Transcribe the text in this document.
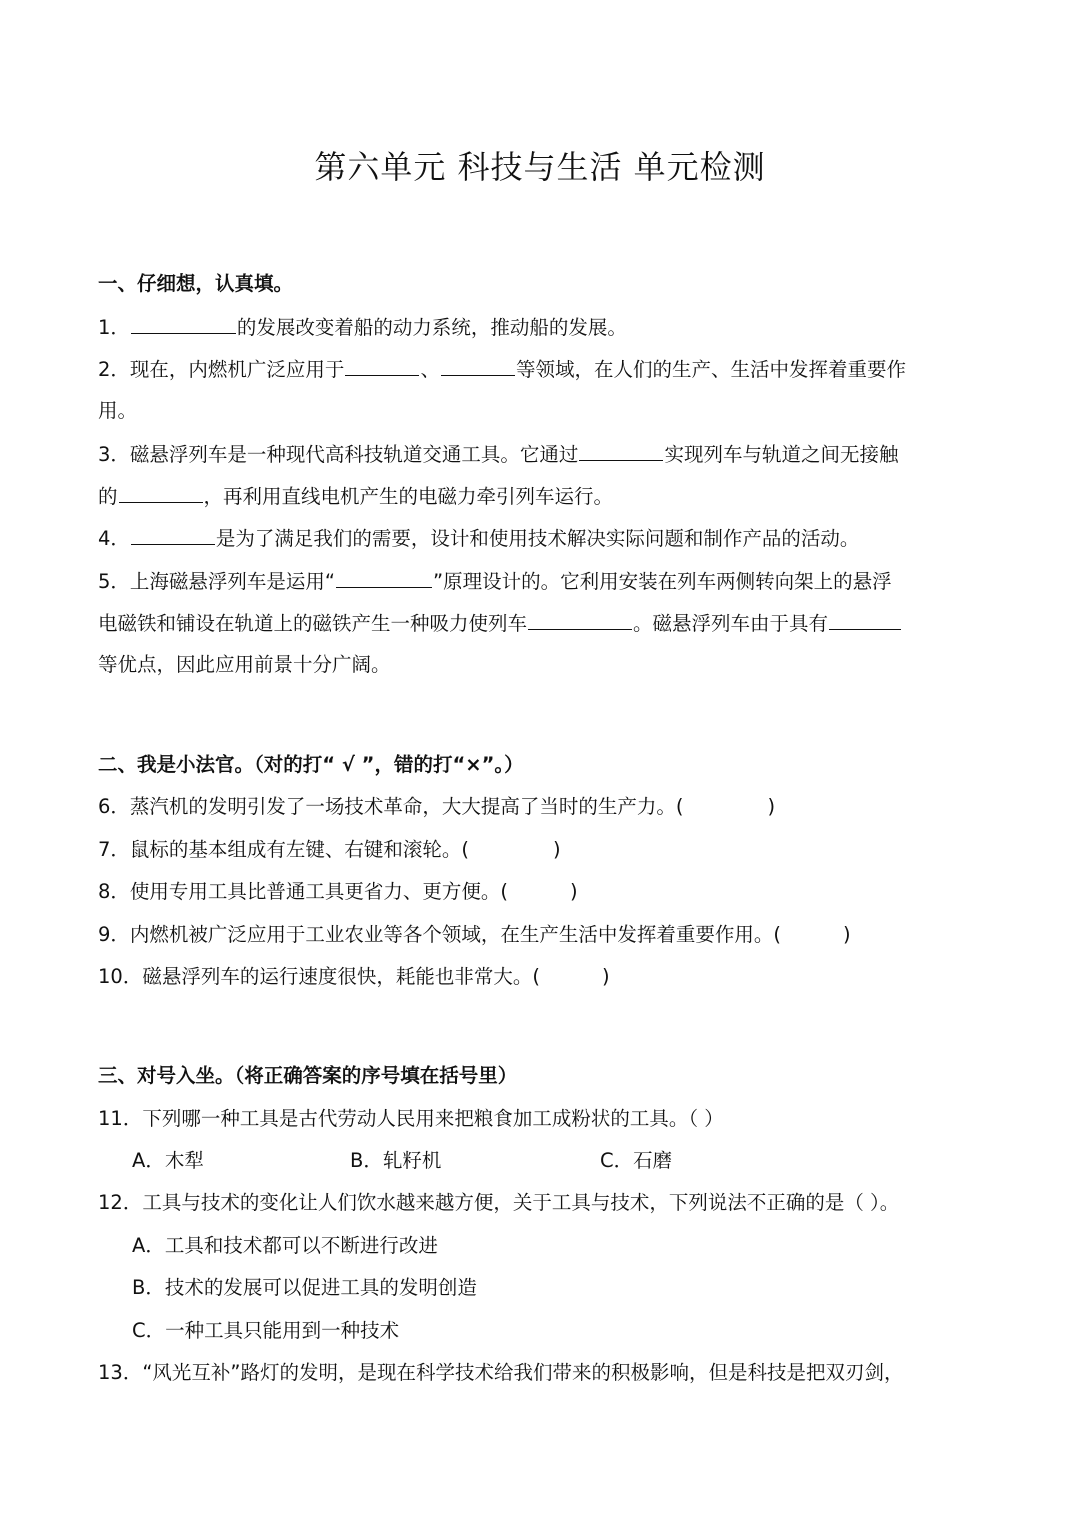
第六单元 科技与生活 单元检测
一、仔细想，认真填。
1．	的发展改变着船的动力系统，推动船的发展。
2．现在，内燃机广泛应用于	、	等领域，在人们的生产、生活中发挥着重要作
用。
3．磁悬浮列车是一种现代高科技轨道交通工具。它通过	实现列车与轨道之间无接触
的	，再利用直线电机产生的电磁力牵引列车运行。
4．	是为了满足我们的需要，设计和使用技术解决实际问题和制作产品的活动。
5．上海磁悬浮列车是运用“	”原理设计的。它利用安装在列车两侧转向架上的悬浮
电磁铁和铺设在轨道上的磁铁产生一种吸力使列车	。磁悬浮列车由于具有
等优点，因此应用前景十分广阔。
二、我是小法官。（对的打“ √ ”，错的打“×”。）
6．蒸汽机的发明引发了一场技术革命，大大提高了当时的生产力。(	)
7．鼠标的基本组成有左键、右键和滚轮。(	)
8．使用专用工具比普通工具更省力、更方便。(	)
9．内燃机被广泛应用于工业农业等各个领域，在生产生活中发挥着重要作用。(	)
10．磁悬浮列车的运行速度很快，耗能也非常大。(	)
三、对号入坐。（将正确答案的序号填在括号里）
11．下列哪一种工具是古代劳动人民用来把粮食加工成粉状的工具。（ ）
A．木犁	B．轧籽机	C．石磨
12．工具与技术的变化让人们饮水越来越方便，关于工具与技术，下列说法不正确的是（ ）。
A．工具和技术都可以不断进行改进
B．技术的发展可以促进工具的发明创造
C．一种工具只能用到一种技术
13．“风光互补”路灯的发明，是现在科学技术给我们带来的积极影响，但是科技是把双刃剑，
